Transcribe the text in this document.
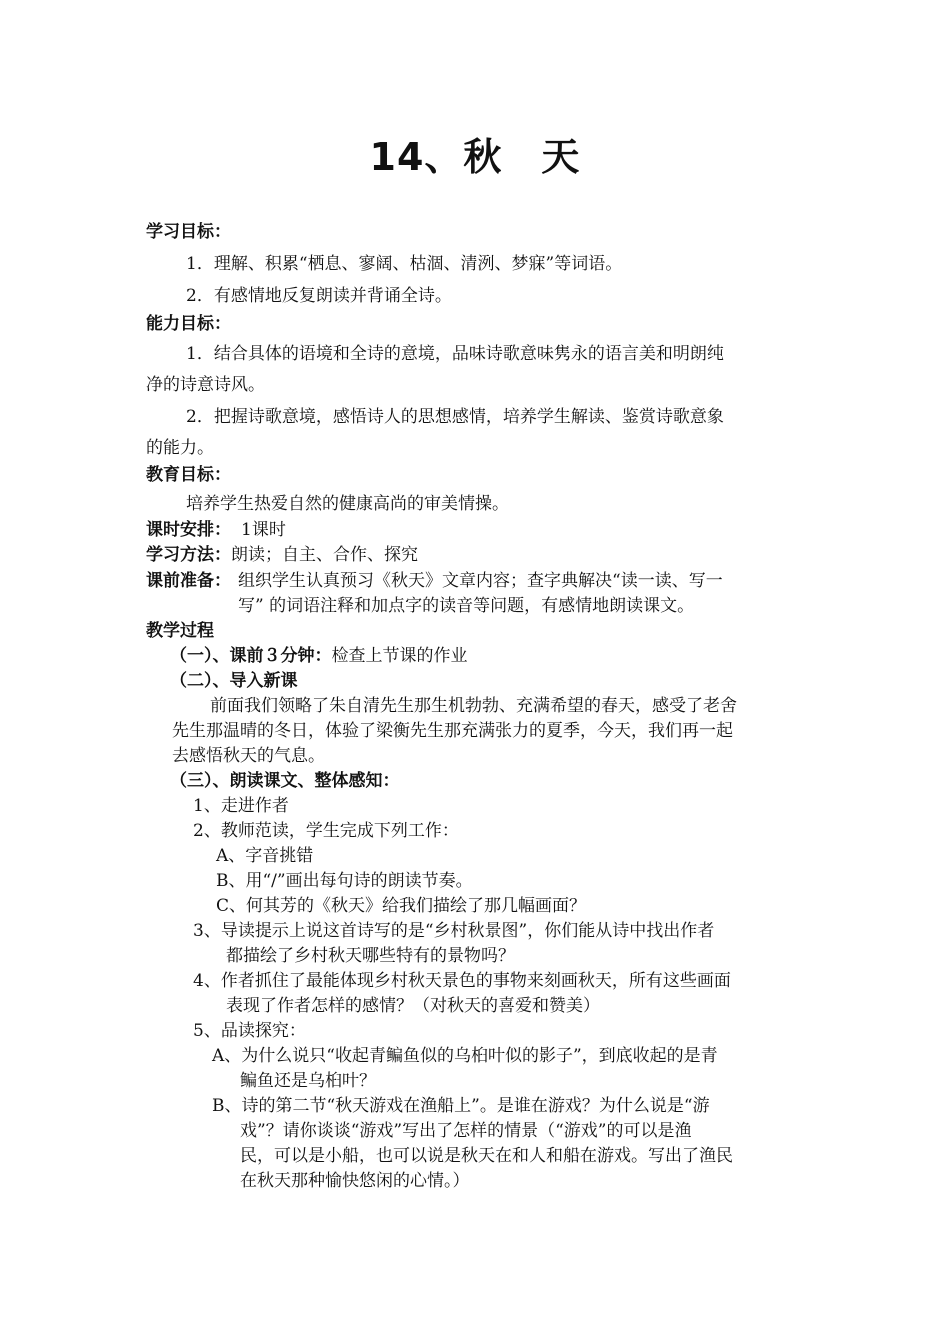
14、秋　天
学习目标：
1．理解、积累“栖息、寥阔、枯涸、清洌、梦寐”等词语。
2．有感情地反复朗读并背诵全诗。
能力目标：
1．结合具体的语境和全诗的意境，品味诗歌意味隽永的语言美和明朗纯
净的诗意诗风。
2．把握诗歌意境，感悟诗人的思想感情，培养学生解读、鉴赏诗歌意象
的能力。
教育目标：
培养学生热爱自然的健康高尚的审美情操。
课时安排： 1课时
学习方法：朗读；自主、合作、探究
课前准备： 组织学生认真预习《秋天》文章内容；查字典解决“读一读、写一
写” 的词语注释和加点字的读音等问题，有感情地朗读课文。
教学过程
（一）、课前３分钟：检查上节课的作业
（二）、导入新课
前面我们领略了朱自清先生那生机勃勃、充满希望的春天，感受了老舍
先生那温晴的冬日，体验了梁衡先生那充满张力的夏季，今天，我们再一起
去感悟秋天的气息。
（三）、朗读课文、整体感知：
1、走进作者
2、教师范读，学生完成下列工作：
A、字音挑错
B、用“/”画出每句诗的朗读节奏。
C、何其芳的《秋天》给我们描绘了那几幅画面？
3、导读提示上说这首诗写的是“乡村秋景图”，你们能从诗中找出作者
都描绘了乡村秋天哪些特有的景物吗？
4、作者抓住了最能体现乡村秋天景色的事物来刻画秋天，所有这些画面
表现了作者怎样的感情？（对秋天的喜爱和赞美）
5、品读探究：
A、为什么说只“收起青鳊鱼似的乌桕叶似的影子”，到底收起的是青
鳊鱼还是乌桕叶？
B、诗的第二节“秋天游戏在渔船上”。是谁在游戏？为什么说是“游
戏”？请你谈谈“游戏”写出了怎样的情景（“游戏”的可以是渔
民，可以是小船，也可以说是秋天在和人和船在游戏。写出了渔民
在秋天那种愉快悠闲的心情。）
